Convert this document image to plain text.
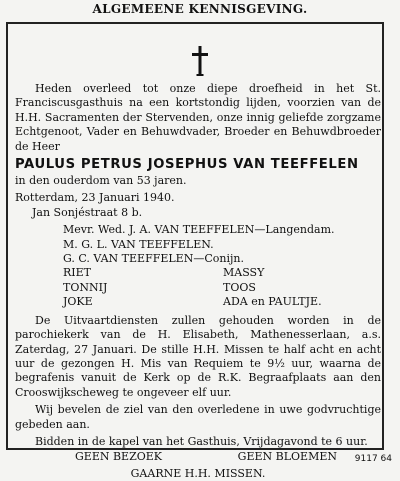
ALGEMEENE KENNISGEVING.

Heden overleed tot onze diepe droefheid in het St. Franciscusgasthuis na een kortstondig lijden, voorzien van de H.H. Sacramenten der Stervenden, onze innig geliefde zorgzame Echtgenoot, Vader en Behuwdvader, Broeder en Behuwdbroeder de Heer

PAULUS PETRUS JOSEPHUS VAN TEEFFELEN

in den ouderdom van 53 jaren.

Rotterdam, 23 Januari 1940.

Jan Sonjéstraat 8 b.

Mevr. Wed. J. A. VAN TEEFFELEN—Langendam.
M. G. L. VAN TEEFFELEN.
G. C. VAN TEEFFELEN—Conijn.
RIET	MASSY
TONNIJ	TOOS
JOKE	ADA en PAULTJE.

De Uitvaartdiensten zullen gehouden worden in de parochiekerk van de H. Elisabeth, Mathenesserlaan, a.s. Zaterdag, 27 Januari. De stille H.H. Missen te half acht en acht uur de gezongen H. Mis van Requiem te 9½ uur, waarna de begrafenis vanuit de Kerk op de R.K. Begraafplaats aan den Crooswijkscheweg te ongeveer elf uur.

Wij bevelen de ziel van den overledene in uwe godvruchtige gebeden aan.

Bidden in de kapel van het Gasthuis, Vrijdagavond te 6 uur.

GEEN BEZOEK	GEEN BLOEMEN
GAARNE H.H. MISSEN.
9117 64
